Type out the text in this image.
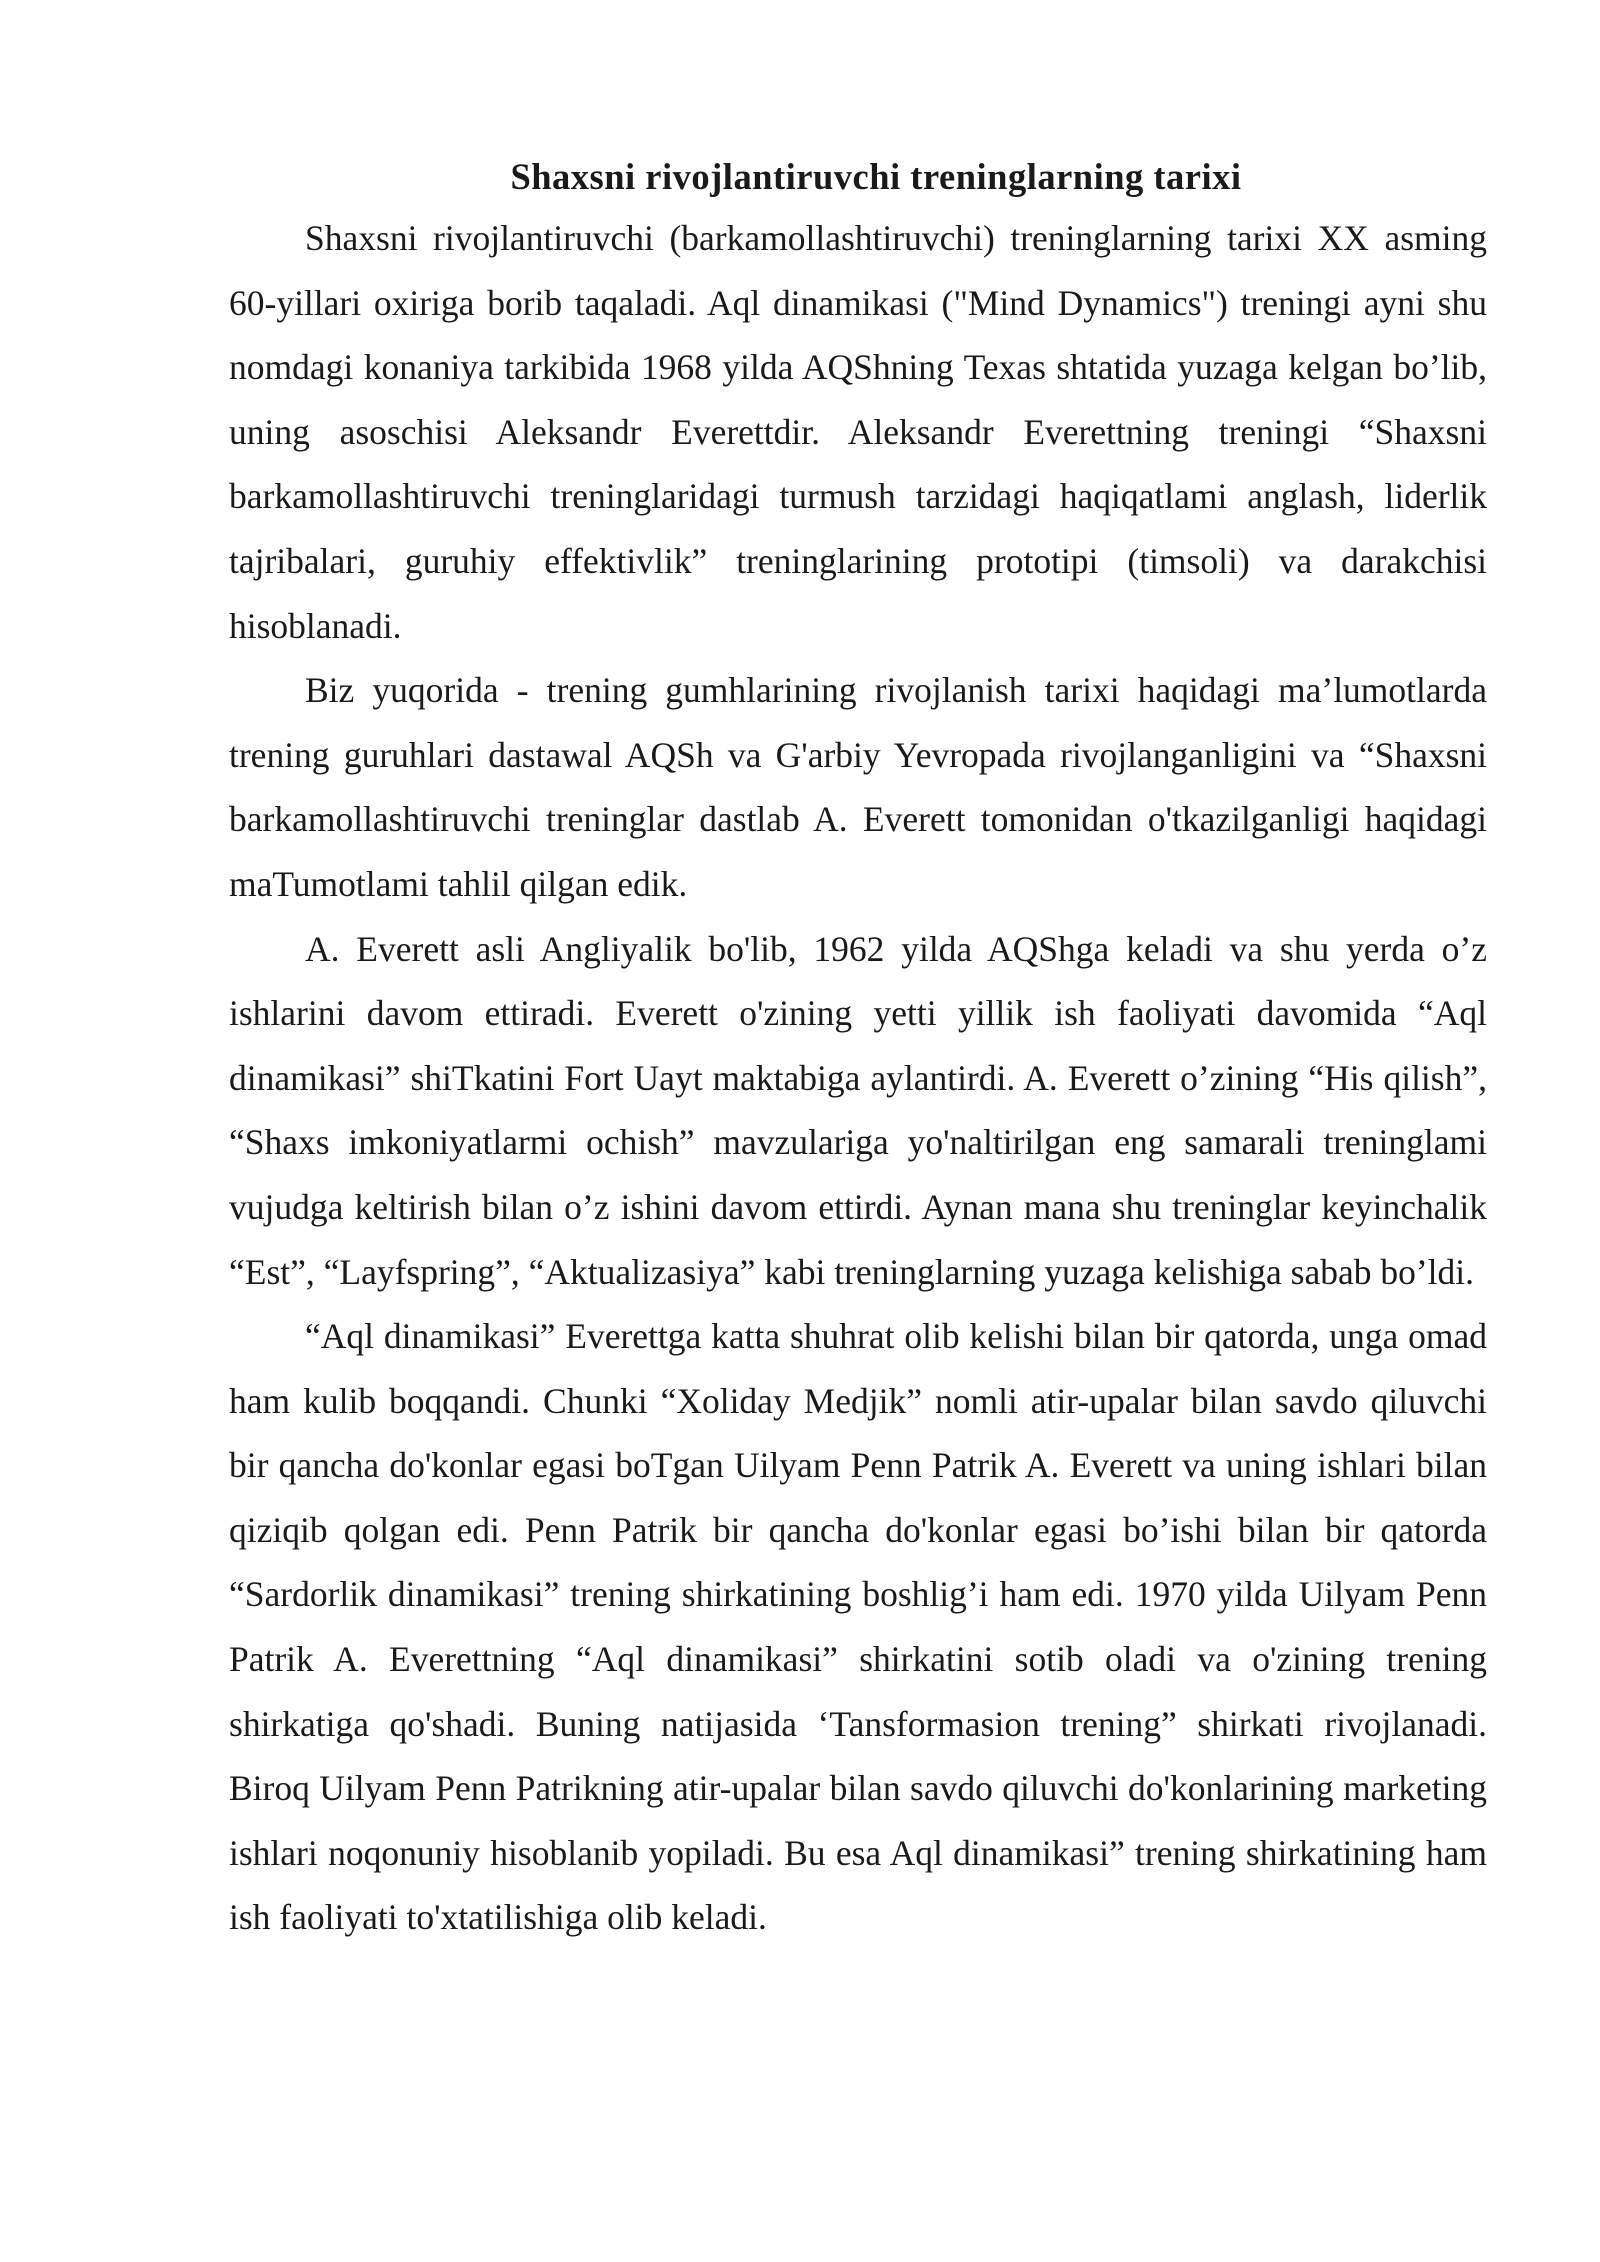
Shaxsni rivojlantiruvchi treninglarning tarixi

Shaxsni rivojlantiruvchi (barkamollashtiruvchi) treninglarning tarixi XX asming 60-yillari oxiriga borib taqaladi. Aql dinamikasi ("Mind Dynamics") treningi ayni shu nomdagi konaniya tarkibida 1968 yilda AQShning Texas shtatida yuzaga kelgan bo’lib, uning asoschisi Aleksandr Everettdir. Aleksandr Everettning treningi “Shaxsni barkamollashtiruvchi treninglaridagi turmush tarzidagi haqiqatlami anglash, liderlik tajribalari, guruhiy effektivlik” treninglarining prototipi (timsoli) va darakchisi hisoblanadi.

Biz yuqorida - trening gumhlarining rivojlanish tarixi haqidagi ma’lumotlarda trening guruhlari dastawal AQSh va G'arbiy Yevropada rivojlanganligini va “Shaxsni barkamollashtiruvchi treninglar dastlab A. Everett tomonidan o'tkazilganligi haqidagi maTumotlami tahlil qilgan edik.

A. Everett asli Angliyalik bo'lib, 1962 yilda AQShga keladi va shu yerda o’z ishlarini davom ettiradi. Everett o'zining yetti yillik ish faoliyati davomida “Aql dinamikasi” shiTkatini Fort Uayt maktabiga aylantirdi. A. Everett o’zining “His qilish”, “Shaxs imkoniyatlarmi ochish” mavzulariga yo'naltirilgan eng samarali treninglami vujudga keltirish bilan o’z ishini davom ettirdi. Aynan mana shu treninglar keyinchalik “Est”, “Layfspring”, “Aktualizasiya” kabi treninglarning yuzaga kelishiga sabab bo’ldi.

“Aql dinamikasi” Everettga katta shuhrat olib kelishi bilan bir qatorda, unga omad ham kulib boqqandi. Chunki “Xoliday Medjik” nomli atir-upalar bilan savdo qiluvchi bir qancha do'konlar egasi boTgan Uilyam Penn Patrik A. Everett va uning ishlari bilan qiziqib qolgan edi. Penn Patrik bir qancha do'konlar egasi bo’ishi bilan bir qatorda “Sardorlik dinamikasi” trening shirkatining boshlig’i ham edi. 1970 yilda Uilyam Penn Patrik A. Everettning “Aql dinamikasi” shirkatini sotib oladi va o'zining trening shirkatiga qo'shadi. Buning natijasida ‘Tansformasion trening” shirkati rivojlanadi. Biroq Uilyam Penn Patrikning atir-upalar bilan savdo qiluvchi do'konlarining marketing ishlari noqonuniy hisoblanib yopiladi. Bu esa Aql dinamikasi” trening shirkatining ham ish faoliyati to'xtatilishiga olib keladi.
